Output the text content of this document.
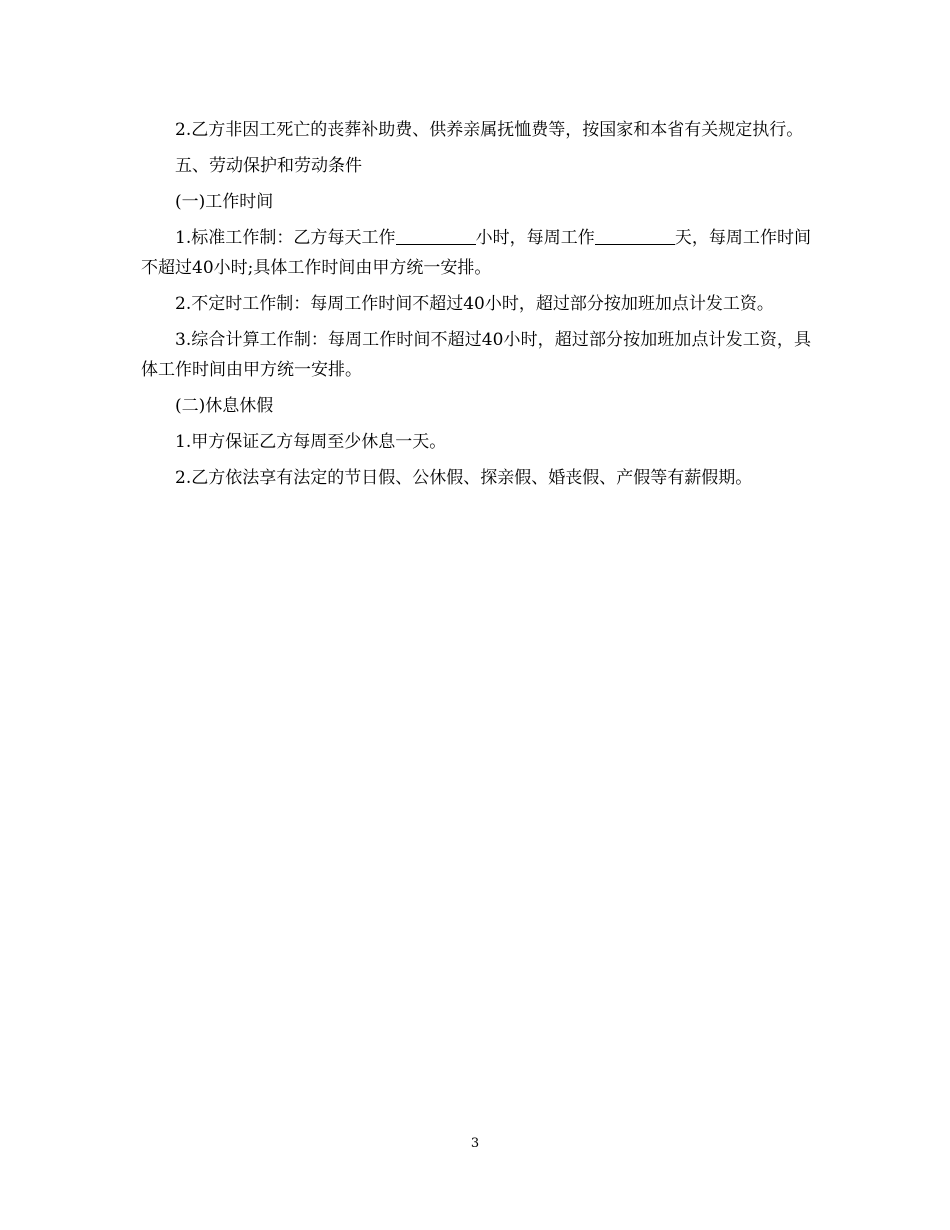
2.乙方非因工死亡的丧葬补助费、供养亲属抚恤费等，按国家和本省有关规定执行。

五、劳动保护和劳动条件

(一)工作时间

1.标准工作制：乙方每天工作	小时，每周工作	天，每周工作时间不超过40小时;具体工作时间由甲方统一安排。

2.不定时工作制：每周工作时间不超过40小时，超过部分按加班加点计发工资。

3.综合计算工作制：每周工作时间不超过40小时，超过部分按加班加点计发工资，具体工作时间由甲方统一安排。

(二)休息休假

1.甲方保证乙方每周至少休息一天。

2.乙方依法享有法定的节日假、公休假、探亲假、婚丧假、产假等有薪假期。

3
